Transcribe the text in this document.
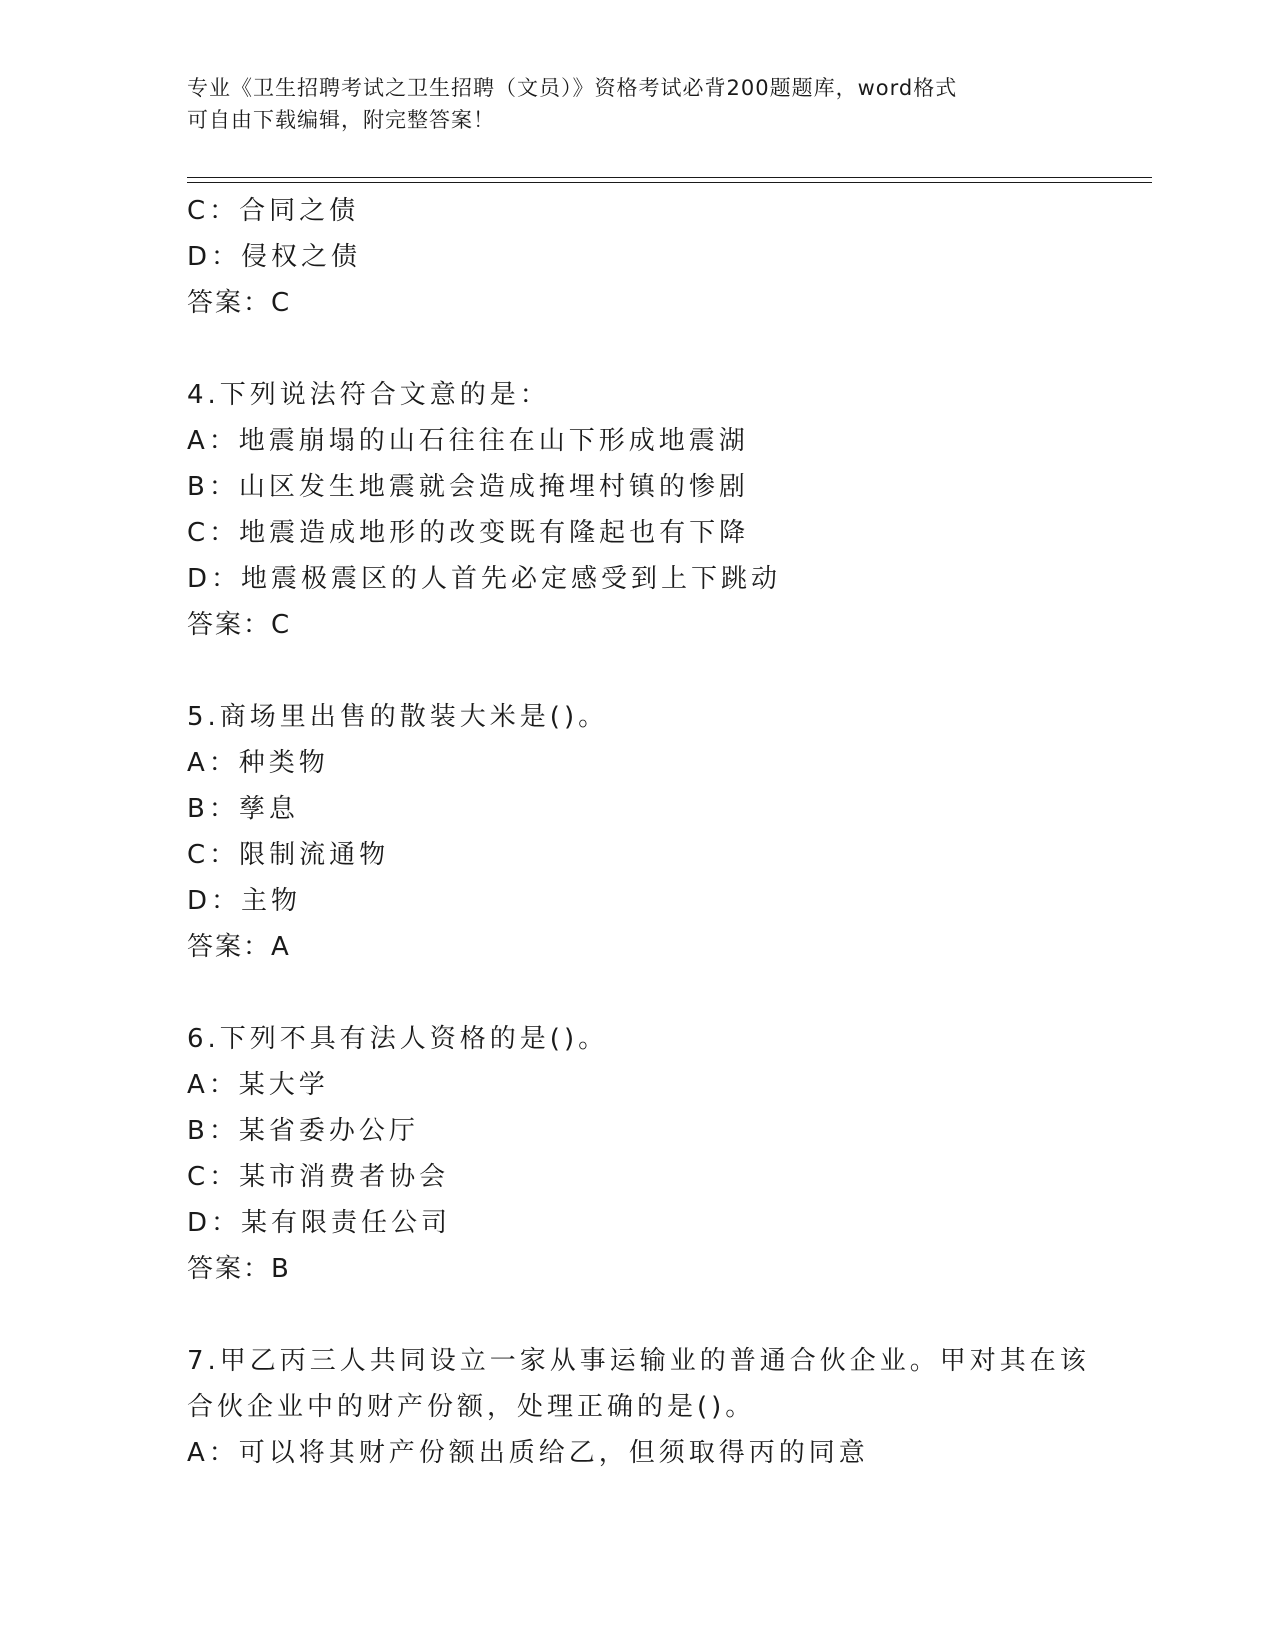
专业《卫生招聘考试之卫生招聘（文员）》资格考试必背200题题库，word格式
可自由下载编辑，附完整答案！
C：合同之债
D：侵权之债
答案：C
4.下列说法符合文意的是：
A：地震崩塌的山石往往在山下形成地震湖
B：山区发生地震就会造成掩埋村镇的惨剧
C：地震造成地形的改变既有隆起也有下降
D：地震极震区的人首先必定感受到上下跳动
答案：C
5.商场里出售的散装大米是()。
A：种类物
B：孳息
C：限制流通物
D：主物
答案：A
6.下列不具有法人资格的是()。
A：某大学
B：某省委办公厅
C：某市消费者协会
D：某有限责任公司
答案：B
7.甲乙丙三人共同设立一家从事运输业的普通合伙企业。甲对其在该
合伙企业中的财产份额，处理正确的是()。
A：可以将其财产份额出质给乙，但须取得丙的同意
